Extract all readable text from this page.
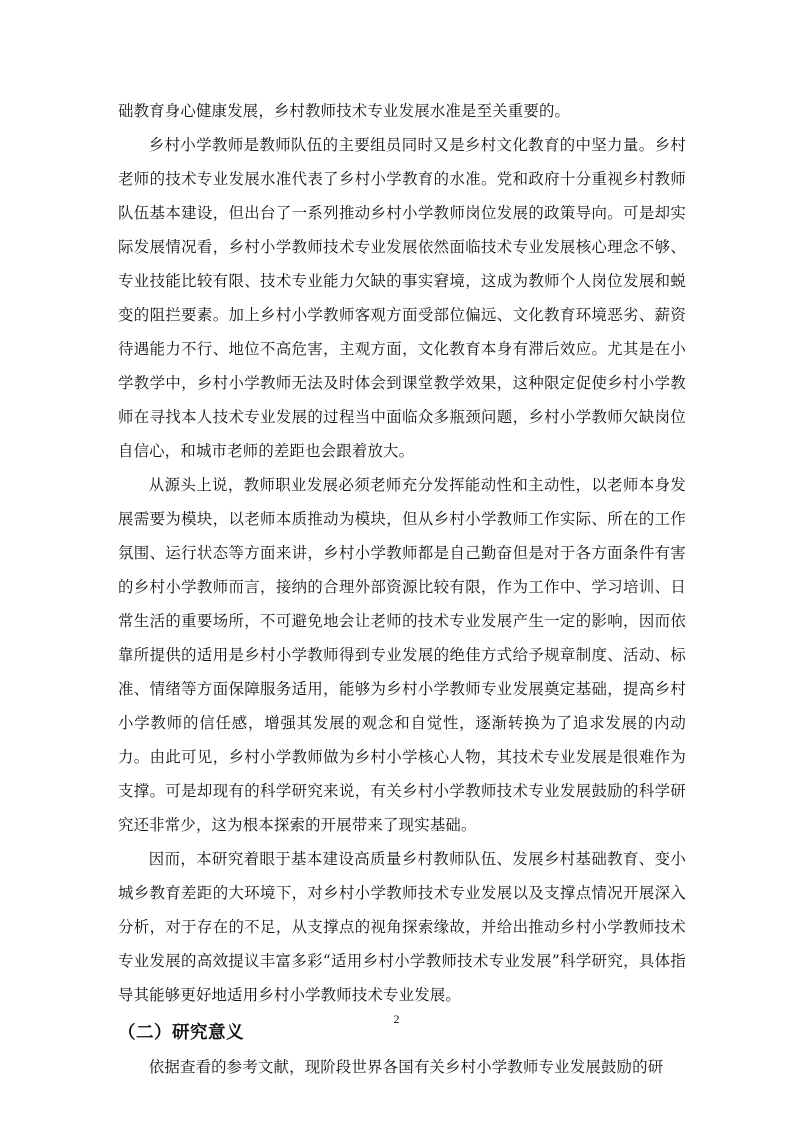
础教育身心健康发展，乡村教师技术专业发展水准是至关重要的。

乡村小学教师是教师队伍的主要组员同时又是乡村文化教育的中坚力量。乡村老师的技术专业发展水准代表了乡村小学教育的水准。党和政府十分重视乡村教师队伍基本建设，但出台了一系列推动乡村小学教师岗位发展的政策导向。可是却实际发展情况看，乡村小学教师技术专业发展依然面临技术专业发展核心理念不够、专业技能比较有限、技术专业能力欠缺的事实窘境，这成为教师个人岗位发展和蜕变的阻拦要素。加上乡村小学教师客观方面受部位偏远、文化教育环境恶劣、薪资待遇能力不行、地位不高危害，主观方面，文化教育本身有滞后效应。尤其是在小学教学中，乡村小学教师无法及时体会到课堂教学效果，这种限定促使乡村小学教师在寻找本人技术专业发展的过程当中面临众多瓶颈问题，乡村小学教师欠缺岗位自信心，和城市老师的差距也会跟着放大。

从源头上说，教师职业发展必须老师充分发挥能动性和主动性，以老师本身发展需要为模块，以老师本质推动为模块，但从乡村小学教师工作实际、所在的工作氛围、运行状态等方面来讲，乡村小学教师都是自己勤奋但是对于各方面条件有害的乡村小学教师而言，接纳的合理外部资源比较有限，作为工作中、学习培训、日常生活的重要场所，不可避免地会让老师的技术专业发展产生一定的影响，因而依靠所提供的适用是乡村小学教师得到专业发展的绝佳方式给予规章制度、活动、标准、情绪等方面保障服务适用，能够为乡村小学教师专业发展奠定基础，提高乡村小学教师的信任感，增强其发展的观念和自觉性，逐渐转换为了追求发展的内动力。由此可见，乡村小学教师做为乡村小学核心人物，其技术专业发展是很难作为支撑。可是却现有的科学研究来说，有关乡村小学教师技术专业发展鼓励的科学研究还非常少，这为根本探索的开展带来了现实基础。

因而，本研究着眼于基本建设高质量乡村教师队伍、发展乡村基础教育、变小城乡教育差距的大环境下，对乡村小学教师技术专业发展以及支撑点情况开展深入分析，对于存在的不足，从支撑点的视角探索缘故，并给出推动乡村小学教师技术专业发展的高效提议丰富多彩“适用乡村小学教师技术专业发展”科学研究，具体指导其能够更好地适用乡村小学教师技术专业发展。

（二）研究意义

依据查看的参考文献，现阶段世界各国有关乡村小学教师专业发展鼓励的研

2
